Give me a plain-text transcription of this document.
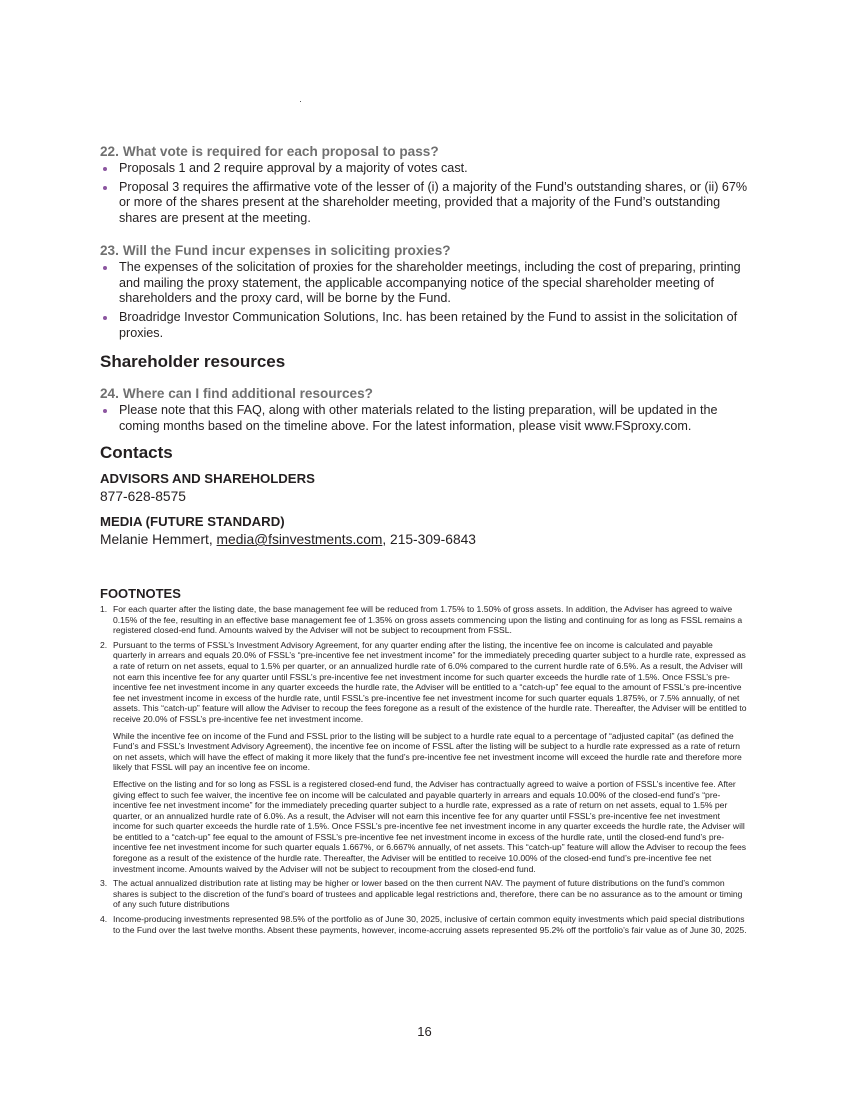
22. What vote is required for each proposal to pass?

Proposals 1 and 2 require approval by a majority of votes cast.
Proposal 3 requires the affirmative vote of the lesser of (i) a majority of the Fund’s outstanding shares, or (ii) 67% or more of the shares present at the shareholder meeting, provided that a majority of the Fund’s outstanding shares are present at the meeting.

23. Will the Fund incur expenses in soliciting proxies?

The expenses of the solicitation of proxies for the shareholder meetings, including the cost of preparing, printing and mailing the proxy statement, the applicable accompanying notice of the special shareholder meeting of shareholders and the proxy card, will be borne by the Fund.
Broadridge Investor Communication Solutions, Inc. has been retained by the Fund to assist in the solicitation of proxies.
Shareholder resources

24. Where can I find additional resources?

Please note that this FAQ, along with other materials related to the listing preparation, will be updated in the coming months based on the timeline above. For the latest information, please visit www.FSproxy.com.
Contacts

ADVISORS AND SHAREHOLDERS

877-628-8575

MEDIA (FUTURE STANDARD)

Melanie Hemmert, media@fsinvestments.com, 215-309-6843

FOOTNOTES

1. For each quarter after the listing date, the base management fee will be reduced from 1.75% to 1.50% of gross assets. In addition, the Adviser has agreed to waive 0.15% of the fee, resulting in an effective base management fee of 1.35% on gross assets commencing upon the listing and continuing for as long as FSSL remains a registered closed-end fund. Amounts waived by the Adviser will not be subject to recoupment from FSSL.

2. Pursuant to the terms of FSSL’s Investment Advisory Agreement, for any quarter ending after the listing, the incentive fee on income is calculated and payable quarterly in arrears and equals 20.0% of FSSL’s “pre-incentive fee net investment income” for the immediately preceding quarter subject to a hurdle rate, expressed as a rate of return on net assets, equal to 1.5% per quarter, or an annualized hurdle rate of 6.0% compared to the current hurdle rate of 6.5%. As a result, the Adviser will not earn this incentive fee for any quarter until FSSL’s pre-incentive fee net investment income for such quarter exceeds the hurdle rate of 1.5%. Once FSSL’s pre-incentive fee net investment income in any quarter exceeds the hurdle rate, the Adviser will be entitled to a “catch-up” fee equal to the amount of FSSL’s pre-incentive fee net investment income in excess of the hurdle rate, until FSSL’s pre-incentive fee net investment income for such quarter equals 1.875%, or 7.5% annually, of net assets. This “catch-up” feature will allow the Adviser to recoup the fees foregone as a result of the existence of the hurdle rate. Thereafter, the Adviser will be entitled to receive 20.0% of FSSL’s pre-incentive fee net investment income.

While the incentive fee on income of the Fund and FSSL prior to the listing will be subject to a hurdle rate equal to a percentage of “adjusted capital” (as defined the Fund’s and FSSL’s Investment Advisory Agreement), the incentive fee on income of FSSL after the listing will be subject to a hurdle rate expressed as a rate of return on net assets, which will have the effect of making it more likely that the fund’s pre-incentive fee net investment income will exceed the hurdle rate and therefore more likely that FSSL will pay an incentive fee on income.

Effective on the listing and for so long as FSSL is a registered closed-end fund, the Adviser has contractually agreed to waive a portion of FSSL’s incentive fee. After giving effect to such fee waiver, the incentive fee on income will be calculated and payable quarterly in arrears and equals 10.00% of the closed-end fund’s “pre-incentive fee net investment income” for the immediately preceding quarter subject to a hurdle rate, expressed as a rate of return on net assets, equal to 1.5% per quarter, or an annualized hurdle rate of 6.0%. As a result, the Adviser will not earn this incentive fee for any quarter until FSSL’s pre-incentive fee net investment income for such quarter exceeds the hurdle rate of 1.5%. Once FSSL’s pre-incentive fee net investment income in any quarter exceeds the hurdle rate, the Adviser will be entitled to a “catch-up” fee equal to the amount of FSSL’s pre-incentive fee net investment income in excess of the hurdle rate, until the closed-end fund’s pre-incentive fee net investment income for such quarter equals 1.667%, or 6.667% annually, of net assets. This “catch-up” feature will allow the Adviser to recoup the fees foregone as a result of the existence of the hurdle rate. Thereafter, the Adviser will be entitled to receive 10.00% of the closed-end fund’s pre-incentive fee net investment income. Amounts waived by the Adviser will not be subject to recoupment from the closed-end fund.

3. The actual annualized distribution rate at listing may be higher or lower based on the then current NAV. The payment of future distributions on the fund’s common shares is subject to the discretion of the fund’s board of trustees and applicable legal restrictions and, therefore, there can be no assurance as to the amount or timing of any such future distributions

4. Income-producing investments represented 98.5% of the portfolio as of June 30, 2025, inclusive of certain common equity investments which paid special distributions to the Fund over the last twelve months. Absent these payments, however, income-accruing assets represented 95.2% off the portfolio’s fair value as of June 30, 2025.

16
